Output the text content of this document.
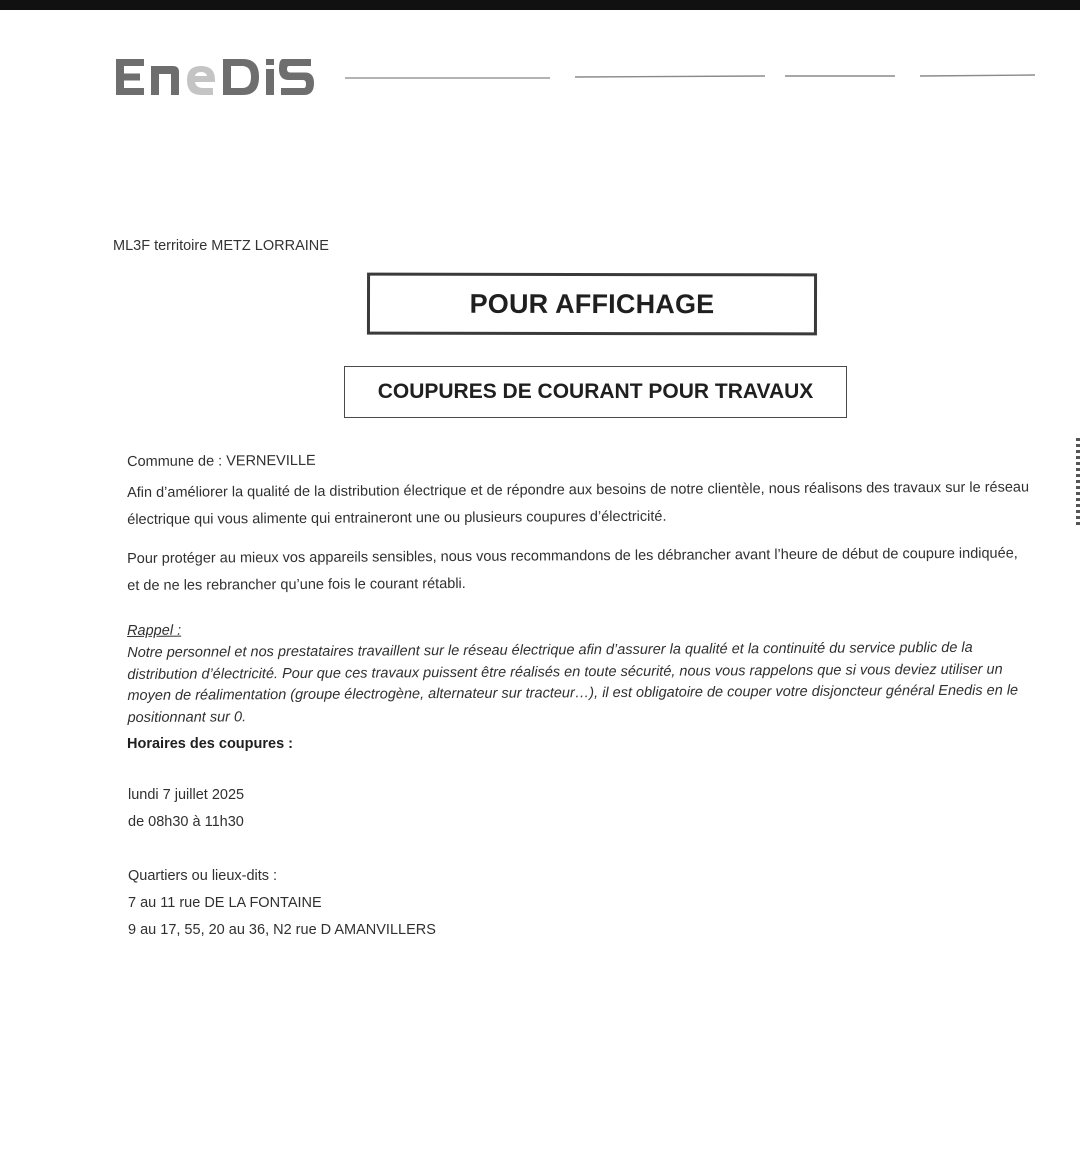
ML3F territoire METZ LORRAINE
POUR AFFICHAGE
COUPURES DE COURANT POUR TRAVAUX
Commune de : VERNEVILLE
Afin d’améliorer la qualité de la distribution électrique et de répondre aux besoins de notre clientèle, nous réalisons des travaux sur le réseau électrique qui vous alimente qui entraineront une ou plusieurs coupures d’électricité.
Pour protéger au mieux vos appareils sensibles, nous vous recommandons de les débrancher avant l’heure de début de coupure indiquée, et de ne les rebrancher qu’une fois le courant rétabli.
Rappel :
Notre personnel et nos prestataires travaillent sur le réseau électrique afin d’assurer la qualité et la continuité du service public de la distribution d’électricité. Pour que ces travaux puissent être réalisés en toute sécurité, nous vous rappelons que si vous deviez utiliser un moyen de réalimentation (groupe électrogène, alternateur sur tracteur…), il est obligatoire de couper votre disjoncteur général Enedis en le positionnant sur 0.
Horaires des coupures :
lundi 7 juillet 2025
de 08h30 à 11h30
Quartiers ou lieux-dits :
7 au 11 rue DE LA FONTAINE
9 au 17, 55, 20 au 36, N2 rue D AMANVILLERS
